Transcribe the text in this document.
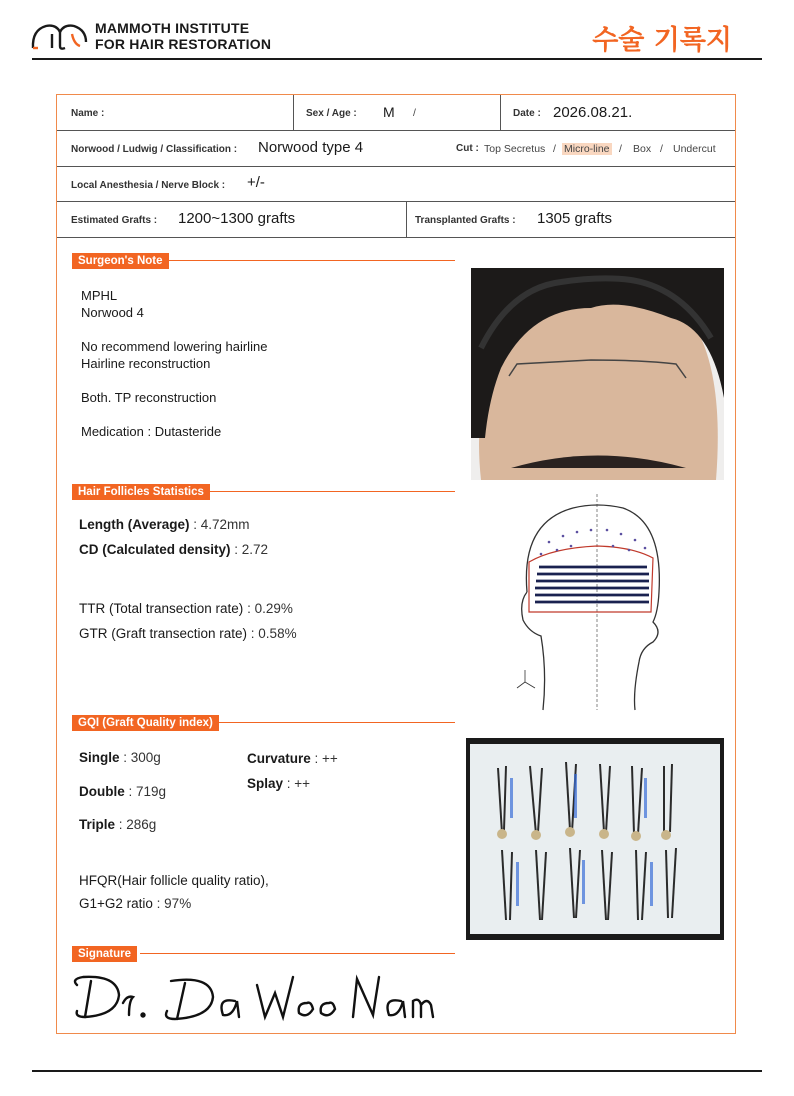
MAMMOTH INSTITUTE
FOR HAIR RESTORATION	수술 기록지
Name :	Sex / Age : M /	Date : 2026.08.21.
Norwood / Ludwig / Classification : Norwood type 4	Cut : Top Secretus / Micro-line / Box / Undercut
Local Anesthesia / Nerve Block : +/-
Estimated Grafts : 1200~1300 grafts	Transplanted Grafts : 1305 grafts
Surgeon's Note
MPHL
Norwood 4
No recommend lowering hairline
Hairline reconstruction
Both. TP reconstruction
Medication : Dutasteride
Hair Follicles Statistics
Length (Average) : 4.72mm
CD (Calculated density) : 2.72
TTR (Total transection rate) : 0.29%
GTR (Graft transection rate) : 0.58%
GQI (Graft Quality index)
Single : 300g
Double : 719g
Triple : 286g
Curvature : ++
Splay : ++
HFQR(Hair follicle quality ratio),
G1+G2 ratio : 97%
Signature
Dr. Da Woo Nam
